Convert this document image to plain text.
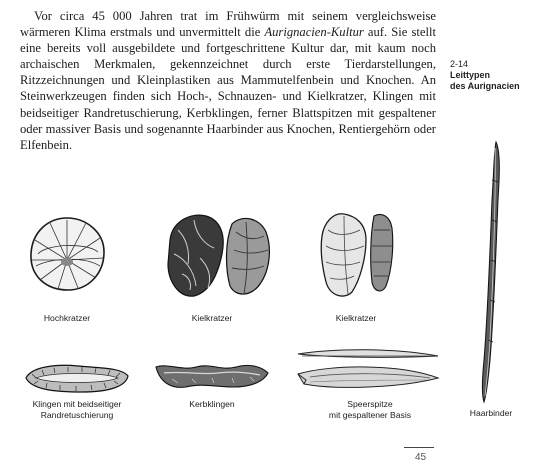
Vor circa 45 000 Jahren trat im Frühwürm mit seinem vergleichsweise wärmeren Klima erstmals und unvermittelt die Aurignacien-Kultur auf. Sie stellt eine bereits voll ausgebildete und fortgeschrittene Kultur dar, mit kaum noch archaischen Merkmalen, gekennzeichnet durch erste Tierdarstellungen, Ritzzeichnungen und Kleinplastiken aus Mammutelfenbein und Knochen. An Steinwerkzeugen finden sich Hoch-, Schnauzen- und Kielkratzer, Klingen mit beidseitiger Randretuschierung, Kerbklingen, ferner Blattspitzen mit gespaltener oder massiver Basis und sogenannte Haarbinder aus Knochen, Rentiergehörn oder Elfenbein.

2-14
Leittypen
des Aurignacien
Hochkratzer	Kielkratzer	Kielkratzer
Klingen mit beidseitiger
Randretuschierung
Kerbklingen	Speerspitze
mit gespaltener Basis	Haarbinder
45
